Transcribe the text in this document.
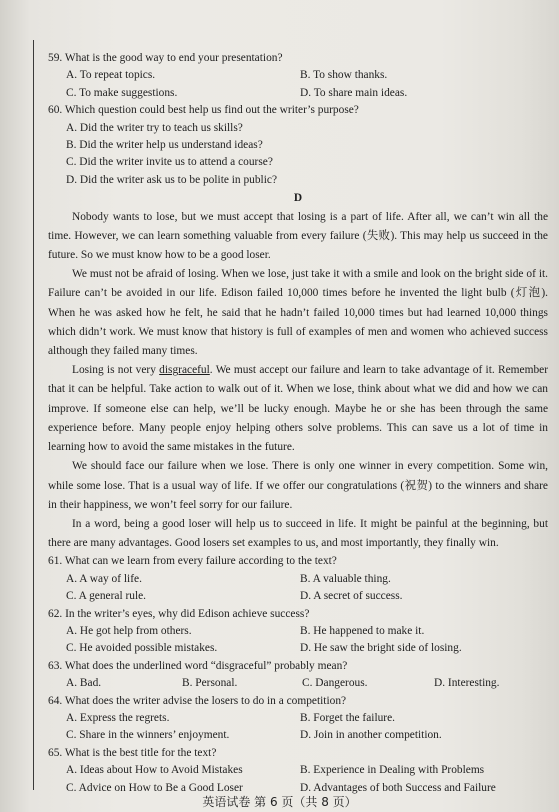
59. What is the good way to end your presentation?

A. To repeat topics.	B. To show thanks.
C. To make suggestions.	D. To share main ideas.

60. Which question could best help us find out the writer’s purpose?

A. Did the writer try to teach us skills?
B. Did the writer help us understand ideas?
C. Did the writer invite us to attend a course?
D. Did the writer ask us to be polite in public?

D

Nobody wants to lose, but we must accept that losing is a part of life. After all, we can’t win all the time. However, we can learn something valuable from every failure (失败). This may help us succeed in the future. So we must know how to be a good loser.

We must not be afraid of losing. When we lose, just take it with a smile and look on the bright side of it. Failure can’t be avoided in our life. Edison failed 10,000 times before he invented the light bulb (灯泡). When he was asked how he felt, he said that he hadn’t failed 10,000 times but had learned 10,000 things which didn’t work. We must know that history is full of examples of men and women who achieved success although they failed many times.

Losing is not very disgraceful. We must accept our failure and learn to take advantage of it. Remember that it can be helpful. Take action to walk out of it. When we lose, think about what we did and how we can improve. If someone else can help, we’ll be lucky enough. Maybe he or she has been through the same experience before. Many people enjoy helping others solve problems. This can save us a lot of time in learning how to avoid the same mistakes in the future.

We should face our failure when we lose. There is only one winner in every competition. Some win, while some lose. That is a usual way of life. If we offer our congratulations (祝贺) to the winners and share in their happiness, we won’t feel sorry for our failure.

In a word, being a good loser will help us to succeed in life. It might be painful at the beginning, but there are many advantages. Good losers set examples to us, and most importantly, they finally win.

61. What can we learn from every failure according to the text?

A. A way of life.	B. A valuable thing.
C. A general rule.	D. A secret of success.

62. In the writer’s eyes, why did Edison achieve success?

A. He got help from others.	B. He happened to make it.
C. He avoided possible mistakes.	D. He saw the bright side of losing.

63. What does the underlined word “disgraceful” probably mean?

A. Bad.	B. Personal.	C. Dangerous.	D. Interesting.

64. What does the writer advise the losers to do in a competition?

A. Express the regrets.	B. Forget the failure.
C. Share in the winners’ enjoyment.	D. Join in another competition.

65. What is the best title for the text?

A. Ideas about How to Avoid Mistakes	B. Experience in Dealing with Problems
C. Advice on How to Be a Good Loser	D. Advantages of both Success and Failure
英语试卷 第 6 页（共 8 页）
